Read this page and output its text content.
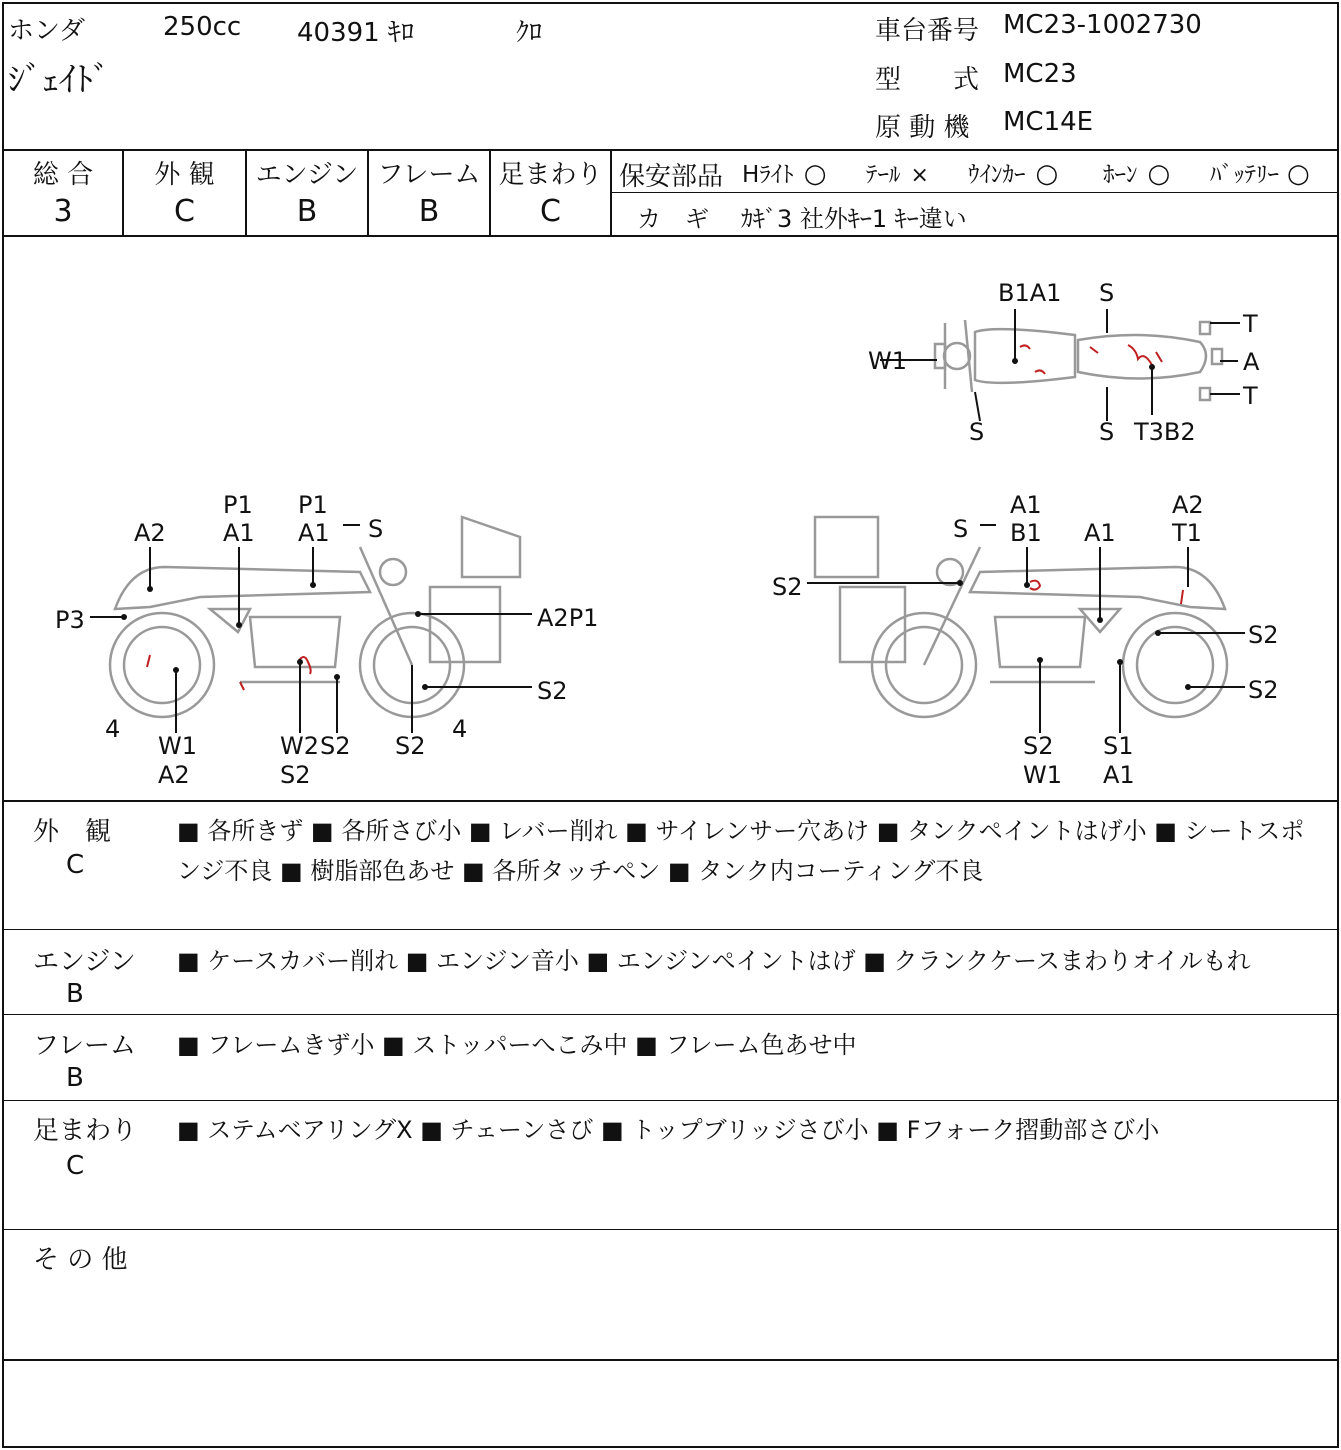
ホンダ	250cc 40391 ｷﾛ	ｸﾛ
ｼﾞｪｲﾄﾞ
車台番号 MC23-1002730
型　　式 MC23
原 動 機 MC14E
総 合
3
外 観
C
エンジン
B
フレーム
B
足まわり
C
保安部品 Hﾗｲﾄ ○ ﾃｰﾙ × ｳｲﾝｶｰ ○ ﾎｰﾝ ○ ﾊﾞｯﾃﾘｰ ○
カ　ギ ｶｷﾞ3 社外ｷｰ1 ｷｰ違い
B1A1 S
T
W1	A
T
S	S T3B2
A2
P1
A1
P1
A1 S
P3	A2P1
S2
4
W1
A2
W2
S2
S2 S2
4
A1
B1
S	A1
A2
T1
S2
S2
S2
S2
W1
S1
A1
外　観
C
■ 各所きず ■ 各所さび小 ■ レバー削れ ■ サイレンサー穴あけ ■ タンクペイントはげ小 ■ シートスポ
ンジ不良 ■ 樹脂部色あせ ■ 各所タッチペン ■ タンク内コーティング不良
エンジン
B
■ ケースカバー削れ ■ エンジン音小 ■ エンジンペイントはげ ■ クランクケースまわりオイルもれ
フレーム
B
■ フレームきず小 ■ ストッパーへこみ中 ■ フレーム色あせ中
足まわり
C
■ ステムベアリングX ■ チェーンさび ■ トップブリッジさび小 ■ Fフォーク摺動部さび小
そ の 他
